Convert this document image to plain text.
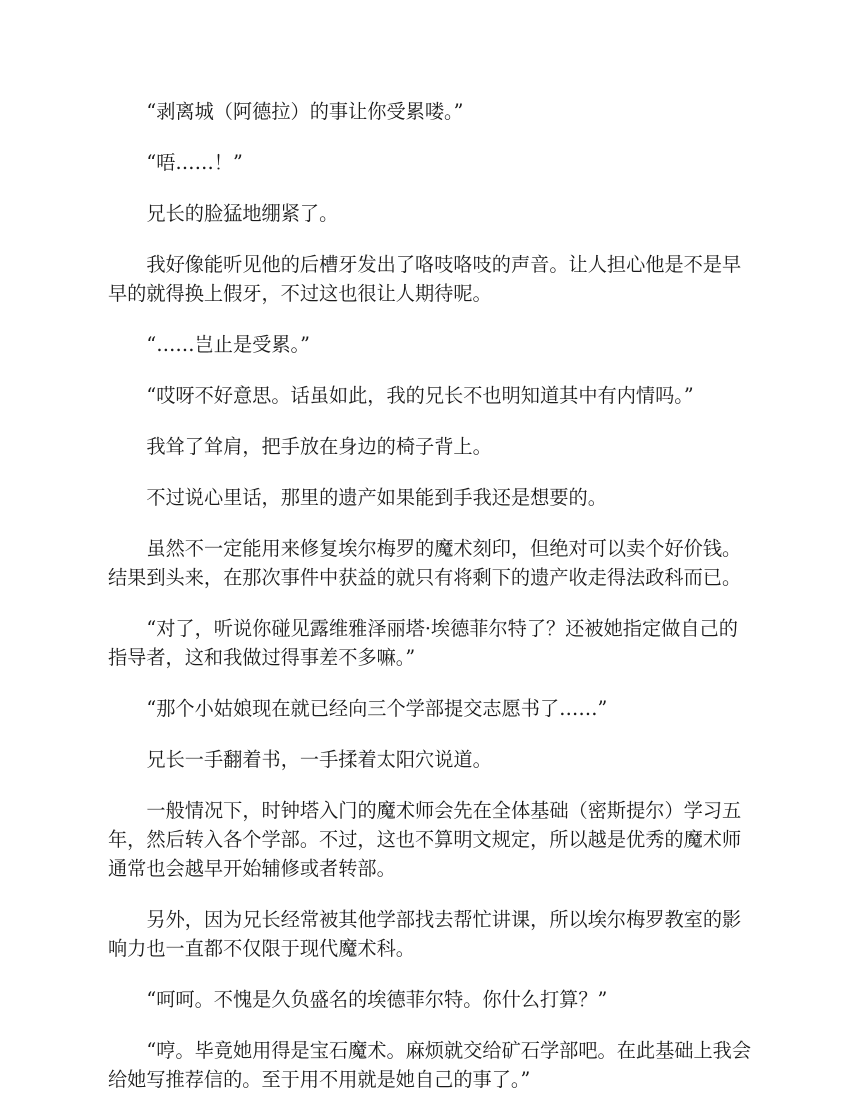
“剥离城（阿德拉）的事让你受累喽。”

“唔……！”

兄长的脸猛地绷紧了。

我好像能听见他的后槽牙发出了咯吱咯吱的声音。让人担心他是不是早早的就得换上假牙，不过这也很让人期待呢。

“……岂止是受累。”

“哎呀不好意思。话虽如此，我的兄长不也明知道其中有内情吗。”

我耸了耸肩，把手放在身边的椅子背上。

不过说心里话，那里的遗产如果能到手我还是想要的。

虽然不一定能用来修复埃尔梅罗的魔术刻印，但绝对可以卖个好价钱。结果到头来，在那次事件中获益的就只有将剩下的遗产收走得法政科而已。

“对了，听说你碰见露维雅泽丽塔·埃德菲尔特了？还被她指定做自己的指导者，这和我做过得事差不多嘛。”

“那个小姑娘现在就已经向三个学部提交志愿书了……”

兄长一手翻着书，一手揉着太阳穴说道。

一般情况下，时钟塔入门的魔术师会先在全体基础（密斯提尔）学习五年，然后转入各个学部。不过，这也不算明文规定，所以越是优秀的魔术师通常也会越早开始辅修或者转部。

另外，因为兄长经常被其他学部找去帮忙讲课，所以埃尔梅罗教室的影响力也一直都不仅限于现代魔术科。

“呵呵。不愧是久负盛名的埃德菲尔特。你什么打算？”

“哼。毕竟她用得是宝石魔术。麻烦就交给矿石学部吧。在此基础上我会给她写推荐信的。至于用不用就是她自己的事了。”
